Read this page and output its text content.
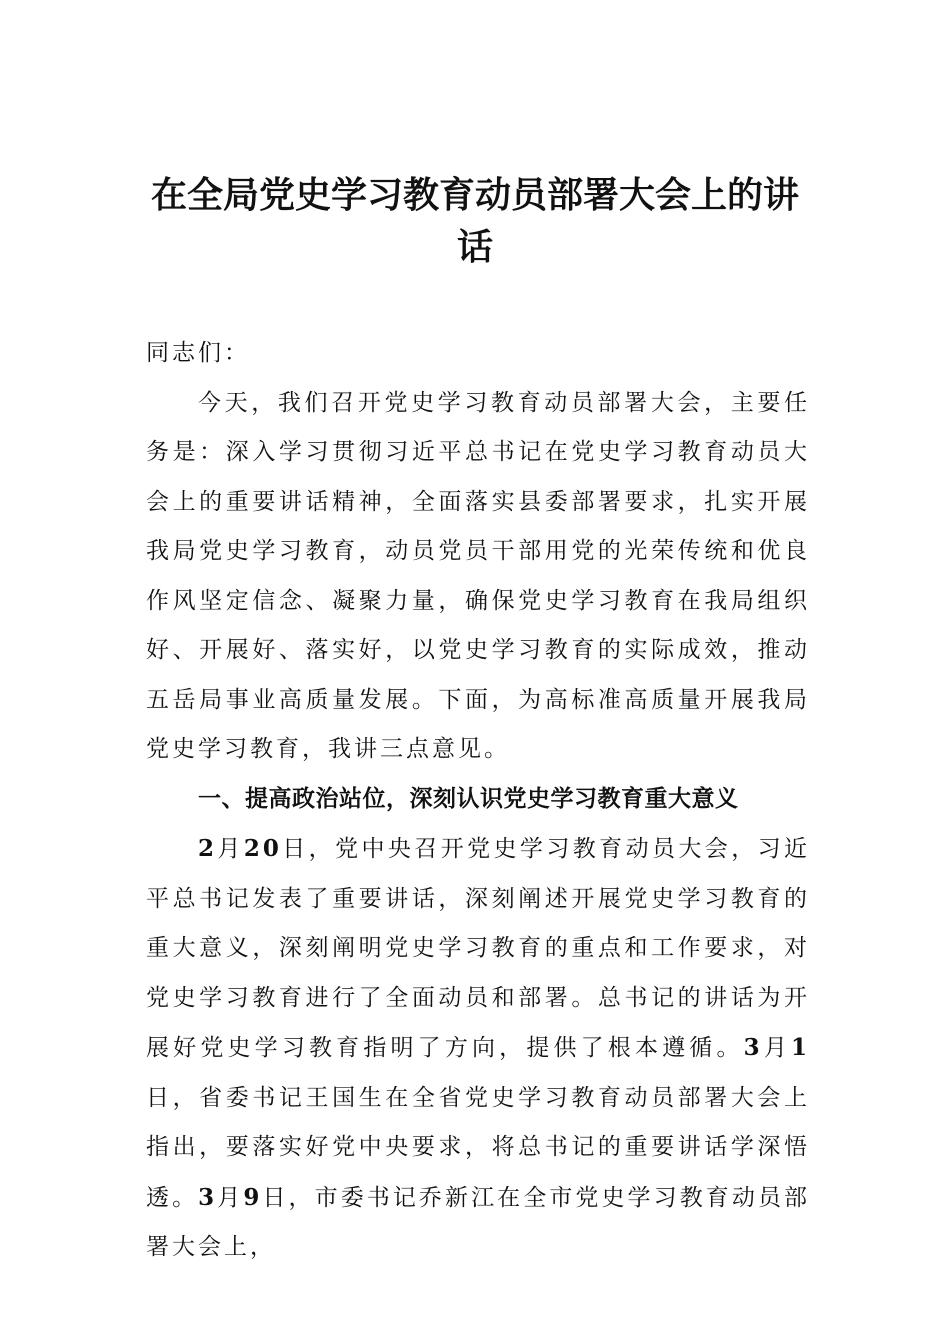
在全局党史学习教育动员部署大会上的讲话

同志们：

今天，我们召开党史学习教育动员部署大会，主要任务是：深入学习贯彻习近平总书记在党史学习教育动员大会上的重要讲话精神，全面落实县委部署要求，扎实开展我局党史学习教育，动员党员干部用党的光荣传统和优良作风坚定信念、凝聚力量，确保党史学习教育在我局组织好、开展好、落实好，以党史学习教育的实际成效，推动五岳局事业高质量发展。下面，为高标准高质量开展我局党史学习教育，我讲三点意见。

一、提高政治站位，深刻认识党史学习教育重大意义

2月20日，党中央召开党史学习教育动员大会，习近平总书记发表了重要讲话，深刻阐述开展党史学习教育的重大意义，深刻阐明党史学习教育的重点和工作要求，对党史学习教育进行了全面动员和部署。总书记的讲话为开展好党史学习教育指明了方向，提供了根本遵循。3月1日，省委书记王国生在全省党史学习教育动员部署大会上指出，要落实好党中央要求，将总书记的重要讲话学深悟透。3月9日，市委书记乔新江在全市党史学习教育动员部署大会上，
